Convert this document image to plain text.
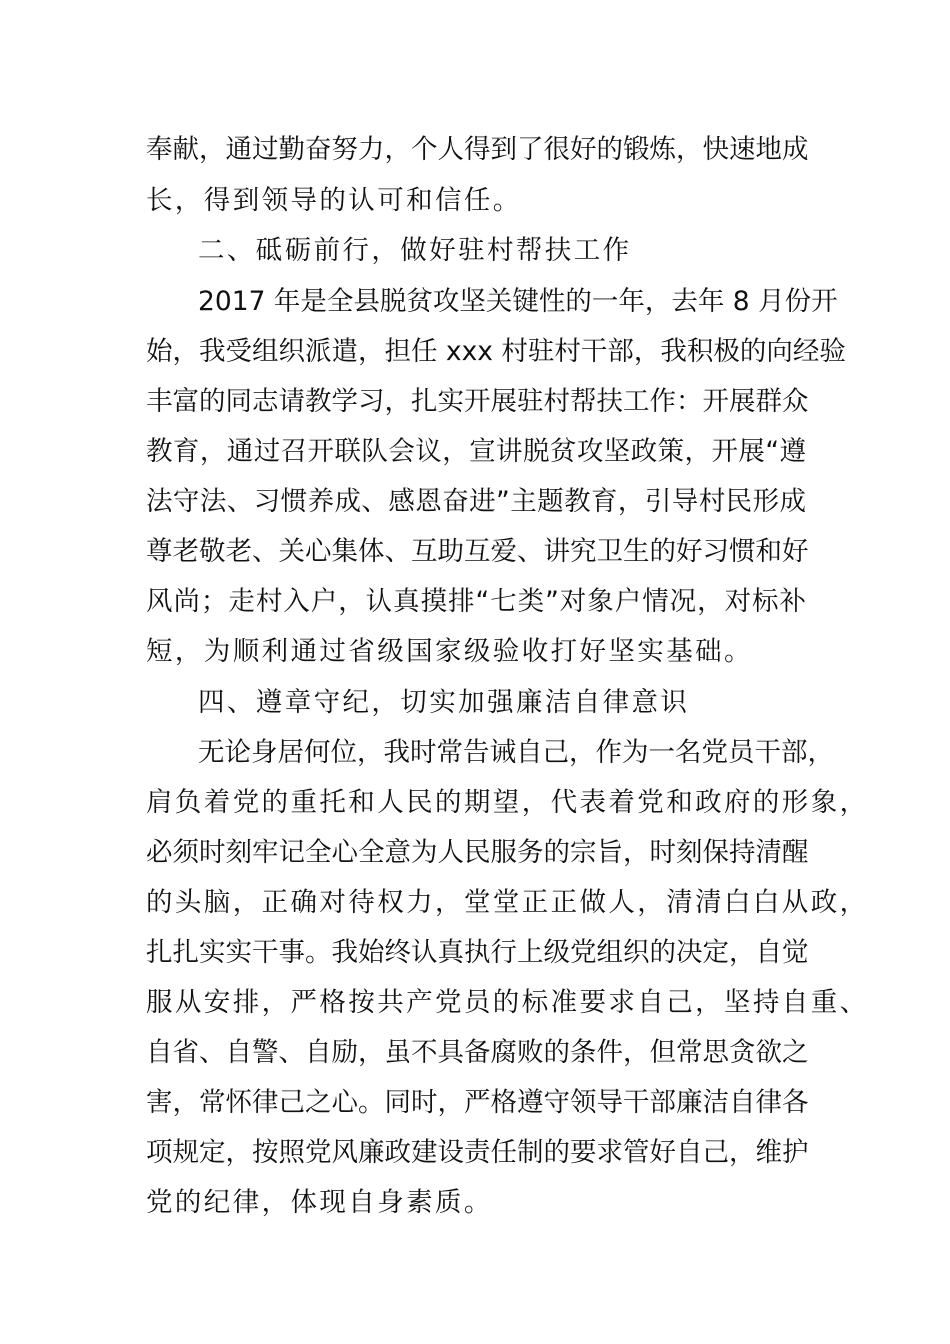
奉献，通过勤奋努力，个人得到了很好的锻炼，快速地成
长，得到领导的认可和信任。
二、砥砺前行，做好驻村帮扶工作
2017 年是全县脱贫攻坚关键性的一年，去年 8 月份开
始，我受组织派遣，担任 xxx 村驻村干部，我积极的向经验
丰富的同志请教学习，扎实开展驻村帮扶工作：开展群众
教育，通过召开联队会议，宣讲脱贫攻坚政策，开展“遵
法守法、习惯养成、感恩奋进”主题教育，引导村民形成
尊老敬老、关心集体、互助互爱、讲究卫生的好习惯和好
风尚；走村入户，认真摸排“七类”对象户情况，对标补
短，为顺利通过省级国家级验收打好坚实基础。
四、遵章守纪，切实加强廉洁自律意识
无论身居何位，我时常告诫自己，作为一名党员干部，
肩负着党的重托和人民的期望，代表着党和政府的形象，
必须时刻牢记全心全意为人民服务的宗旨，时刻保持清醒
的头脑，正确对待权力，堂堂正正做人，清清白白从政，
扎扎实实干事。我始终认真执行上级党组织的决定，自觉
服从安排，严格按共产党员的标准要求自己，坚持自重、
自省、自警、自励，虽不具备腐败的条件，但常思贪欲之
害，常怀律己之心。同时，严格遵守领导干部廉洁自律各
项规定，按照党风廉政建设责任制的要求管好自己，维护
党的纪律，体现自身素质。
